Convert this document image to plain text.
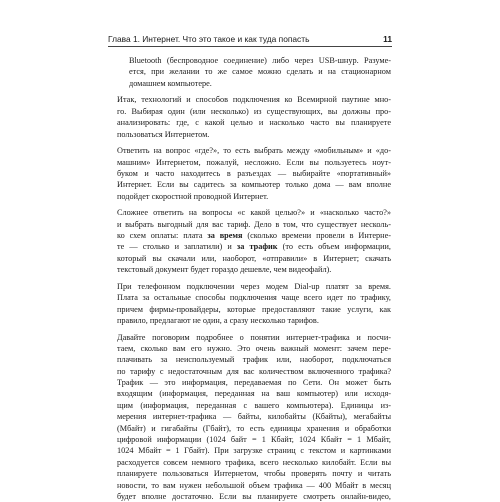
Глава 1. Интернет. Что это такое и как туда попасть	11
Bluetooth (беспроводное соединение) либо через USB-шнур. Разуме-
ется, при желании то же самое можно сделать и на стационарном
домашнем компьютере.
Итак, технологий и способов подключения ко Всемирной паутине мно-
го. Выбирая один (или несколько) из существующих, вы должны про-
анализировать: где, с какой целью и насколько часто вы планируете
пользоваться Интернетом.
Ответить на вопрос «где?», то есть выбрать между «мобильным» и «до-
машним» Интернетом, пожалуй, несложно. Если вы пользуетесь ноут-
буком и часто находитесь в разъездах — выбирайте «портативный»
Интернет. Если вы садитесь за компьютер только дома — вам вполне
подойдет скоростной проводной Интернет.
Сложнее ответить на вопросы «с какой целью?» и «насколько часто?»
и выбрать выгодный для вас тариф. Дело в том, что существует несколь-
ко схем оплаты: плата за время (сколько времени провели в Интерне-
те — столько и заплатили) и за трафик (то есть объем информации,
который вы скачали или, наоборот, «отправили» в Интернет; скачать
текстовый документ будет гораздо дешевле, чем видеофайл).
При телефонном подключении через модем Dial-up платят за время.
Плата за остальные способы подключения чаще всего идет по трафику,
причем фирмы-провайдеры, которые предоставляют такие услуги, как
правило, предлагают не один, а сразу несколько тарифов.
Давайте поговорим подробнее о понятии интернет-трафика и посчи-
таем, сколько вам его нужно. Это очень важный момент: зачем пере-
плачивать за неиспользуемый трафик или, наоборот, подключаться
по тарифу с недостаточным для вас количеством включенного трафика?
Трафик — это информация, передаваемая по Сети. Он может быть
входящим (информация, переданная на ваш компьютер) или исходя-
щим (информация, переданная с вашего компьютера). Единицы из-
мерения интернет-трафика — байты, килобайты (Кбайты), мегабайты
(Мбайт) и гигабайты (Гбайт), то есть единицы хранения и обработки
цифровой информации (1024 байт = 1 Кбайт, 1024 Кбайт = 1 Мбайт,
1024 Мбайт = 1 Гбайт). При загрузке страниц с текстом и картинками
расходуется совсем немного трафика, всего несколько килобайт. Если вы
планируете пользоваться Интернетом, чтобы проверять почту и читать
новости, то вам нужен небольшой объем трафика — 400 Мбайт в месяц
будет вполне достаточно. Если вы планируете смотреть онлайн-видео,
